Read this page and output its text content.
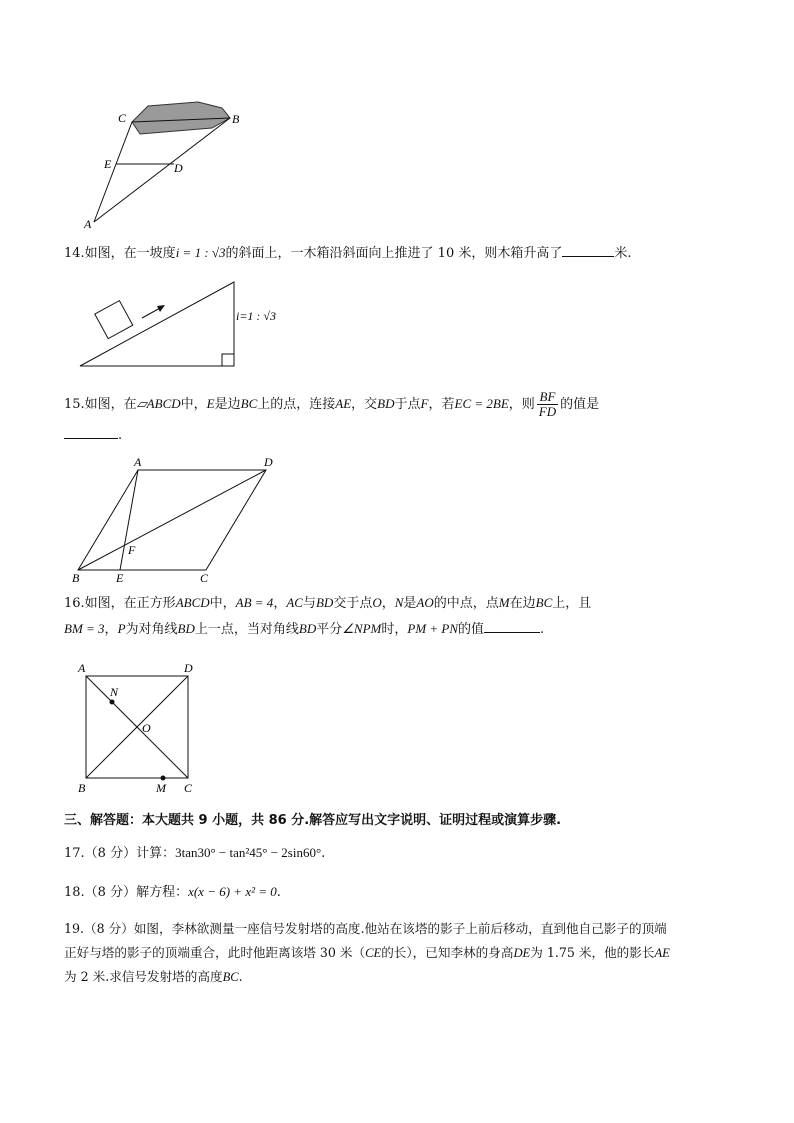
C	B
E	D
A
14.如图，在一坡度i = 1 : √3的斜面上，一木箱沿斜面向上推进了 10 米，则木箱升高了	米.
i=1 : √3
15.如图，在▱ABCD中，E是边BC上的点，连接AE，交BD于点F，若EC = 2BE，则 $\frac{BF}{FD}$ 的值是
.
A	D
F
B	E	C
16.如图，在正方形ABCD中，AB = 4，AC与BD交于点O，N是AO的中点，点M在边BC上，且
BM = 3，P为对角线BD上一点，当对角线BD平分∠NPM时，PM + PN的值	.
A	D
N
O
B	M C
三、解答题：本大题共 9 小题，共 86 分.解答应写出文字说明、证明过程或演算步骤.
17.（8 分）计算：3tan30° − tan²45° − 2sin60°.
18.（8 分）解方程：x(x − 6) + x² = 0.
19.（8 分）如图，李林欲测量一座信号发射塔的高度.他站在该塔的影子上前后移动，直到他自己影子的顶端
正好与塔的影子的顶端重合，此时他距离该塔 30 米（CE的长），已知李林的身高DE为 1.75 米，他的影长AE
为 2 米.求信号发射塔的高度BC.
